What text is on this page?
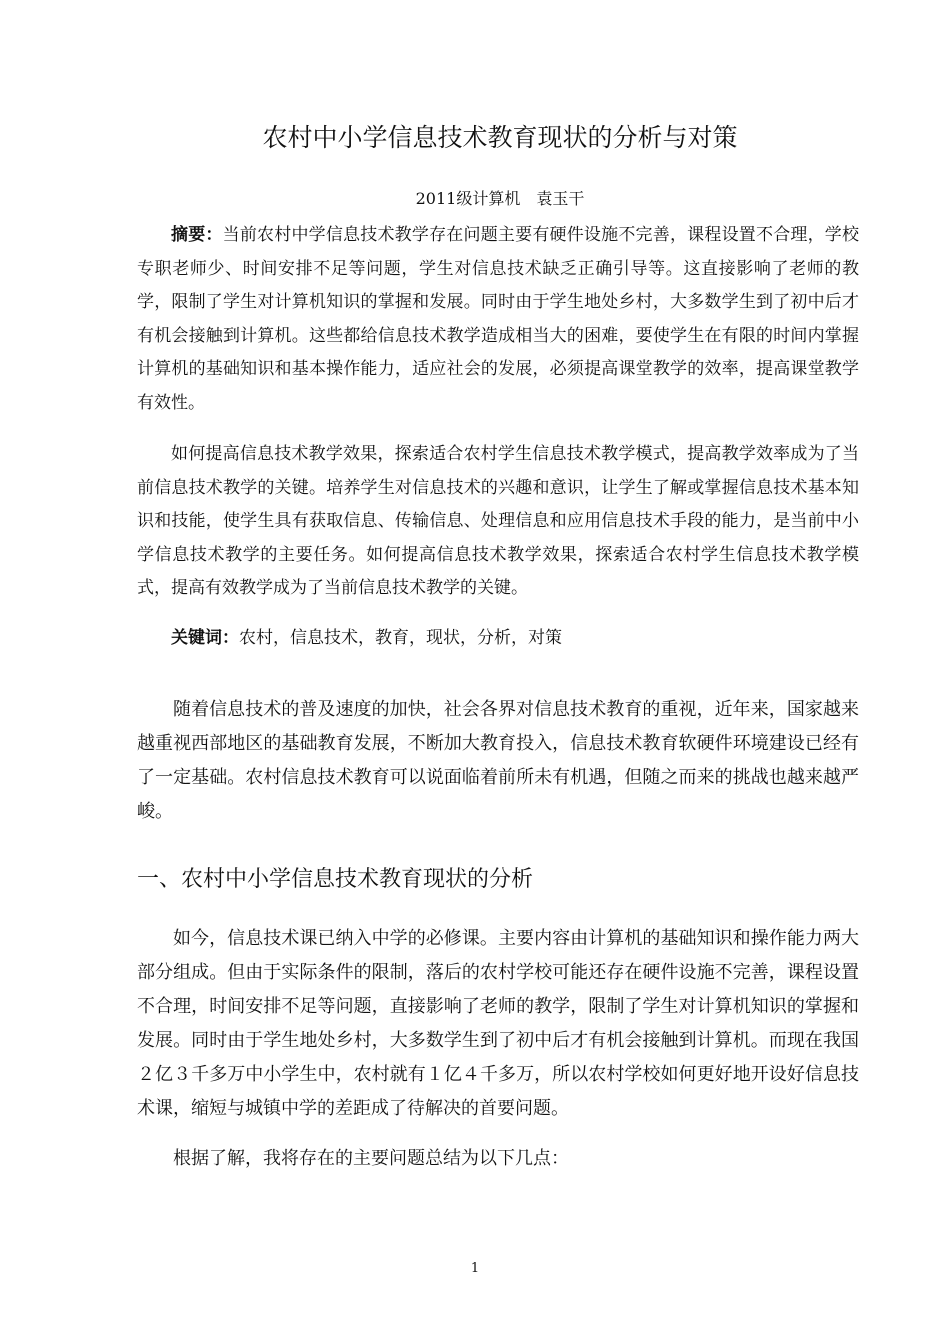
农村中小学信息技术教育现状的分析与对策
2011级计算机　袁玉干

摘要：当前农村中学信息技术教学存在问题主要有硬件设施不完善，课程设置不合理，学校专职老师少、时间安排不足等问题，学生对信息技术缺乏正确引导等。这直接影响了老师的教学，限制了学生对计算机知识的掌握和发展。同时由于学生地处乡村，大多数学生到了初中后才有机会接触到计算机。这些都给信息技术教学造成相当大的困难，要使学生在有限的时间内掌握计算机的基础知识和基本操作能力，适应社会的发展，必须提高课堂教学的效率，提高课堂教学有效性。

如何提高信息技术教学效果，探索适合农村学生信息技术教学模式，提高教学效率成为了当前信息技术教学的关键。培养学生对信息技术的兴趣和意识，让学生了解或掌握信息技术基本知识和技能，使学生具有获取信息、传输信息、处理信息和应用信息技术手段的能力，是当前中小学信息技术教学的主要任务。如何提高信息技术教学效果，探索适合农村学生信息技术教学模式，提高有效教学成为了当前信息技术教学的关键。

关键词：农村，信息技术，教育，现状，分析，对策

随着信息技术的普及速度的加快，社会各界对信息技术教育的重视，近年来，国家越来越重视西部地区的基础教育发展，不断加大教育投入，信息技术教育软硬件环境建设已经有了一定基础。农村信息技术教育可以说面临着前所未有机遇，但随之而来的挑战也越来越严峻。

一、农村中小学信息技术教育现状的分析

如今，信息技术课已纳入中学的必修课。主要内容由计算机的基础知识和操作能力两大部分组成。但由于实际条件的限制，落后的农村学校可能还存在硬件设施不完善，课程设置不合理，时间安排不足等问题，直接影响了老师的教学，限制了学生对计算机知识的掌握和发展。同时由于学生地处乡村，大多数学生到了初中后才有机会接触到计算机。而现在我国２亿３千多万中小学生中，农村就有１亿４千多万，所以农村学校如何更好地开设好信息技术课，缩短与城镇中学的差距成了待解决的首要问题。

根据了解，我将存在的主要问题总结为以下几点：

1
